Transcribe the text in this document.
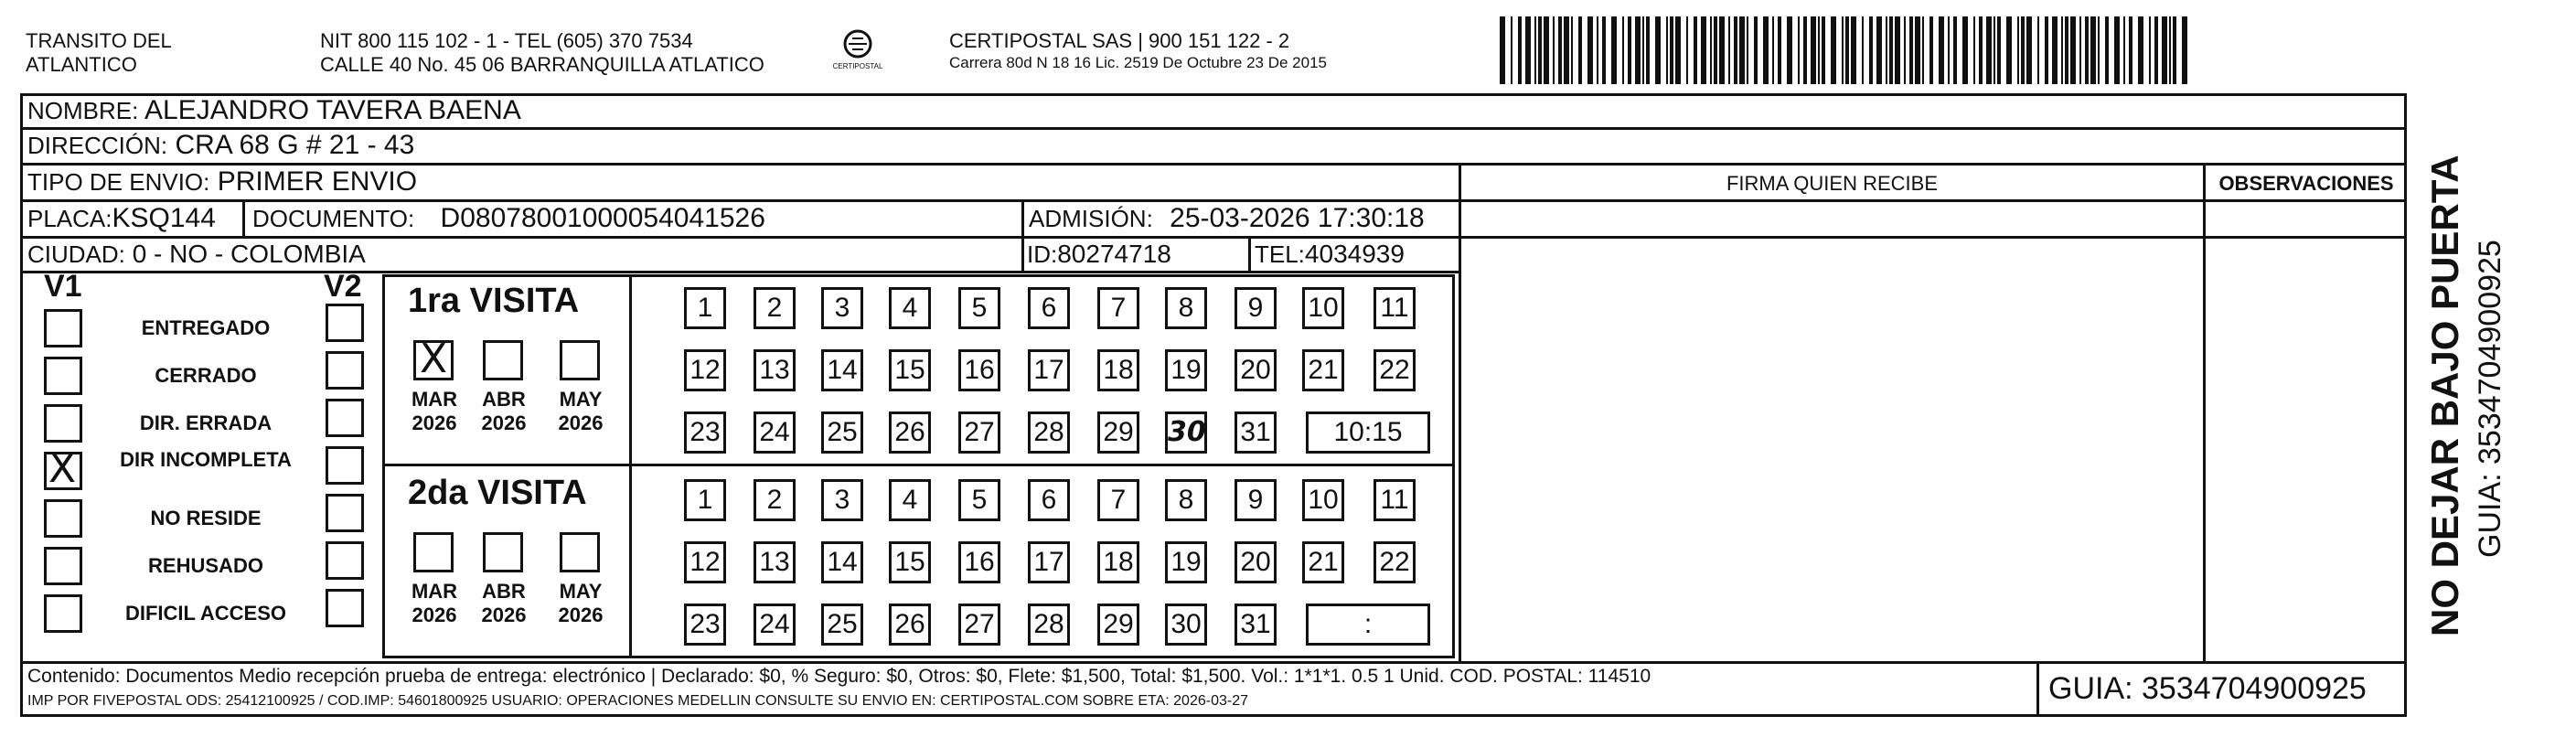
TRANSITO DEL
ATLANTICO
NIT 800 115 102 - 1 - TEL (605) 370 7534
CALLE 40 No. 45 06 BARRANQUILLA ATLATICO	CERTIPOSTAL
CERTIPOSTAL SAS | 900 151 122 - 2
Carrera 80d N 18 16 Lic. 2519 De Octubre 23 De 2015
NOMBRE: ALEJANDRO TAVERA BAENA
DIRECCIÓN: CRA 68 G # 21 - 43
TIPO DE ENVIO: PRIMER ENVIO	FIRMA QUIEN RECIBE	OBSERVACIONES
PLACA:KSQ144 DOCUMENTO: D08078001000054041526	ADMISIÓN: 25-03-2026 17:30:18
CIUDAD: 0 - NO - COLOMBIA	ID:80274718	TEL:4034939
V1	V2
ENTREGADO
CERRADO
DIR. ERRADA
X	DIR INCOMPLETA
NO RESIDE
REHUSADO
DIFICIL ACCESO
1ra VISITA
2da VISITA
X
MAR
2026
ABR
2026
MAY
2026
1	2	3	4	5	6	7	8	9	10 11
12 13 14 15 16 17 18 19 20 21 22
23 24 25 26 27 28 29 30 31	10:15
MAR
2026
ABR
2026
MAY
2026
1	2	3	4	5	6	7	8	9	10 11
12 13 14 15 16 17 18 19 20 21 22
23 24 25 26 27 28 29 30 31	:
Contenido: Documentos Medio recepción prueba de entrega: electrónico | Declarado: $0, % Seguro: $0, Otros: $0, Flete: $1,500, Total: $1,500. Vol.: 1*1*1. 0.5 1 Unid. COD. POSTAL: 114510
IMP POR FIVEPOSTAL ODS: 25412100925 / COD.IMP: 54601800925 USUARIO: OPERACIONES MEDELLIN CONSULTE SU ENVIO EN: CERTIPOSTAL.COM SOBRE ETA: 2026-03-27	GUIA: 3534704900925
NO DEJAR BAJO PUERTA GUIA: 3534704900925
